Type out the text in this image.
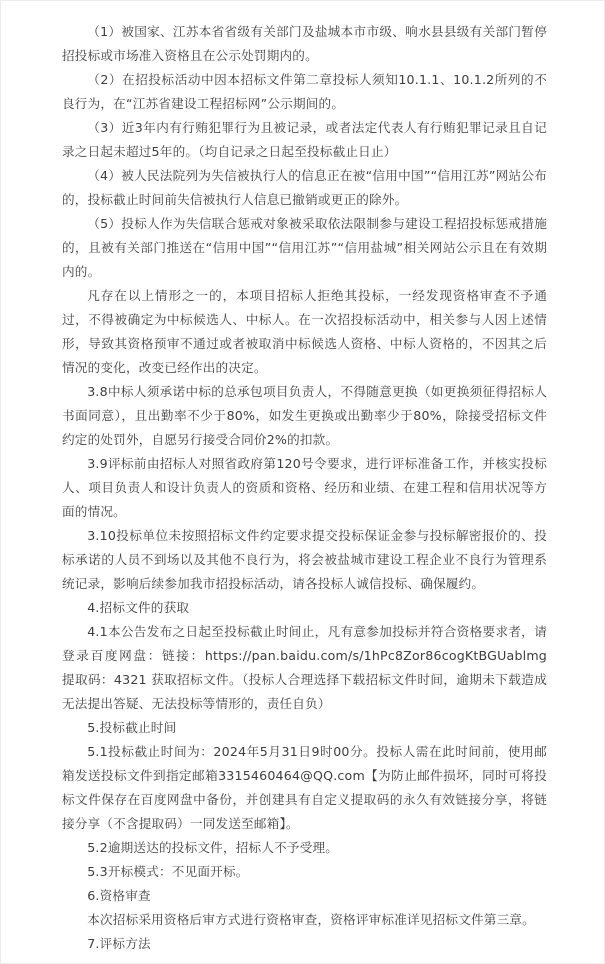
（1）被国家、江苏本省省级有关部门及盐城本市市级、响水县县级有关部门暂停招投标或市场准入资格且在公示处罚期内的。

（2）在招投标活动中因本招标文件第二章投标人须知10.1.1、10.1.2所列的不良行为，在“江苏省建设工程招标网”公示期间的。

（3）近3年内有行贿犯罪行为且被记录，或者法定代表人有行贿犯罪记录且自记录之日起未超过5年的。（均自记录之日起至投标截止日止）

（4）被人民法院列为失信被执行人的信息正在被“信用中国”“信用江苏”网站公布的，投标截止时间前失信被执行人信息已撤销或更正的除外。

（5）投标人作为失信联合惩戒对象被采取依法限制参与建设工程招投标惩戒措施的，且被有关部门推送在“信用中国”“信用江苏”“信用盐城”相关网站公示且在有效期内的。

凡存在以上情形之一的，本项目招标人拒绝其投标，一经发现资格审查不予通过，不得被确定为中标候选人、中标人。在一次招投标活动中，相关参与人因上述情形，导致其资格预审不通过或者被取消中标候选人资格、中标人资格的，不因其之后情况的变化，改变已经作出的决定。

3.8中标人须承诺中标的总承包项目负责人，不得随意更换（如更换须征得招标人书面同意），且出勤率不少于80%，如发生更换或出勤率少于80%，除接受招标文件约定的处罚外，自愿另行接受合同价2%的扣款。

3.9评标前由招标人对照省政府第120号令要求，进行评标准备工作，并核实投标人、项目负责人和设计负责人的资质和资格、经历和业绩、在建工程和信用状况等方面的情况。

3.10投标单位未按照招标文件约定要求提交投标保证金参与投标解密报价的、投标承诺的人员不到场以及其他不良行为，将会被盐城市建设工程企业不良行为管理系统记录，影响后续参加我市招投标活动，请各投标人诚信投标、确保履约。

4.招标文件的获取

4.1本公告发布之日起至投标截止时间止，凡有意参加投标并符合资格要求者，请登录百度网盘：链接：https://pan.baidu.com/s/1hPc8Zor86cogKtBGUablmg 提取码：4321 获取招标文件。（投标人合理选择下载招标文件时间，逾期未下载造成无法提出答疑、无法投标等情形的，责任自负）

5.投标截止时间

5.1投标截止时间为：2024年5月31日9时00分。投标人需在此时间前，使用邮箱发送投标文件到指定邮箱3315460464@QQ.com【为防止邮件损坏，同时可将投标文件保存在百度网盘中备份，并创建具有自定义提取码的永久有效链接分享，将链接分享（不含提取码）一同发送至邮箱】。

5.2逾期送达的投标文件，招标人不予受理。

5.3开标模式：不见面开标。

6.资格审查

本次招标采用资格后审方式进行资格审查，资格评审标准详见招标文件第三章。

7.评标方法
